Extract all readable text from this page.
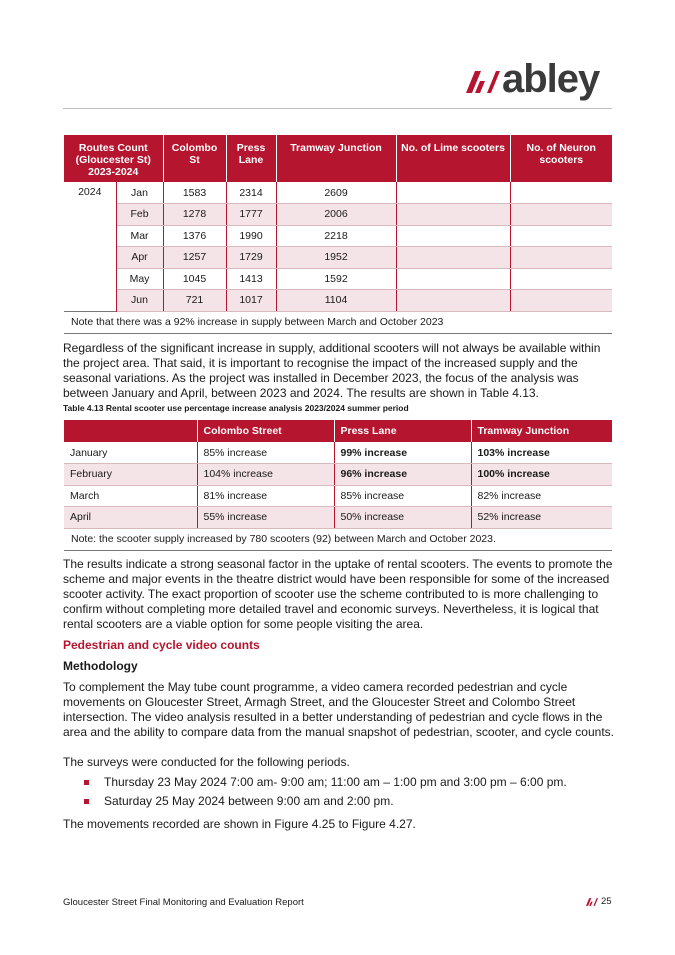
abley
Routes Count (Gloucester St) 2023-2024		Colombo St	Press Lane	Tramway Junction	No. of Lime scooters	No. of Neuron scooters
2024	Jan	1583	2314	2609		
	Feb	1278	1777	2006		
	Mar	1376	1990	2218		
	Apr	1257	1729	1952		
	May	1045	1413	1592		
	Jun	721	1017	1104		
Note that there was a 92% increase in supply between March and October 2023						

Regardless of the significant increase in supply, additional scooters will not always be available within the project area. That said, it is important to recognise the impact of the increased supply and the seasonal variations. As the project was installed in December 2023, the focus of the analysis was between January and April, between 2023 and 2024. The results are shown in Table 4.13.

Table 4.13 Rental scooter use percentage increase analysis 2023/2024 summer period
	Colombo Street	Press Lane	Tramway Junction
January	85% increase	99% increase	103% increase
February	104% increase	96% increase	100% increase
March	81% increase	85% increase	82% increase
April	55% increase	50% increase	52% increase
Note: the scooter supply increased by 780 scooters (92) between March and October 2023.			

The results indicate a strong seasonal factor in the uptake of rental scooters. The events to promote the scheme and major events in the theatre district would have been responsible for some of the increased scooter activity. The exact proportion of scooter use the scheme contributed to is more challenging to confirm without completing more detailed travel and economic surveys. Nevertheless, it is logical that rental scooters are a viable option for some people visiting the area.

Pedestrian and cycle video counts
Methodology

To complement the May tube count programme, a video camera recorded pedestrian and cycle movements on Gloucester Street, Armagh Street, and the Gloucester Street and Colombo Street intersection. The video analysis resulted in a better understanding of pedestrian and cycle flows in the area and the ability to compare data from the manual snapshot of pedestrian, scooter, and cycle counts.

The surveys were conducted for the following periods.

Thursday 23 May 2024 7:00 am- 9:00 am; 11:00 am – 1:00 pm and 3:00 pm – 6:00 pm.
Saturday 25 May 2024 between 9:00 am and 2:00 pm.

The movements recorded are shown in Figure 4.25 to Figure 4.27.

Gloucester Street Final Monitoring and Evaluation Report	25
